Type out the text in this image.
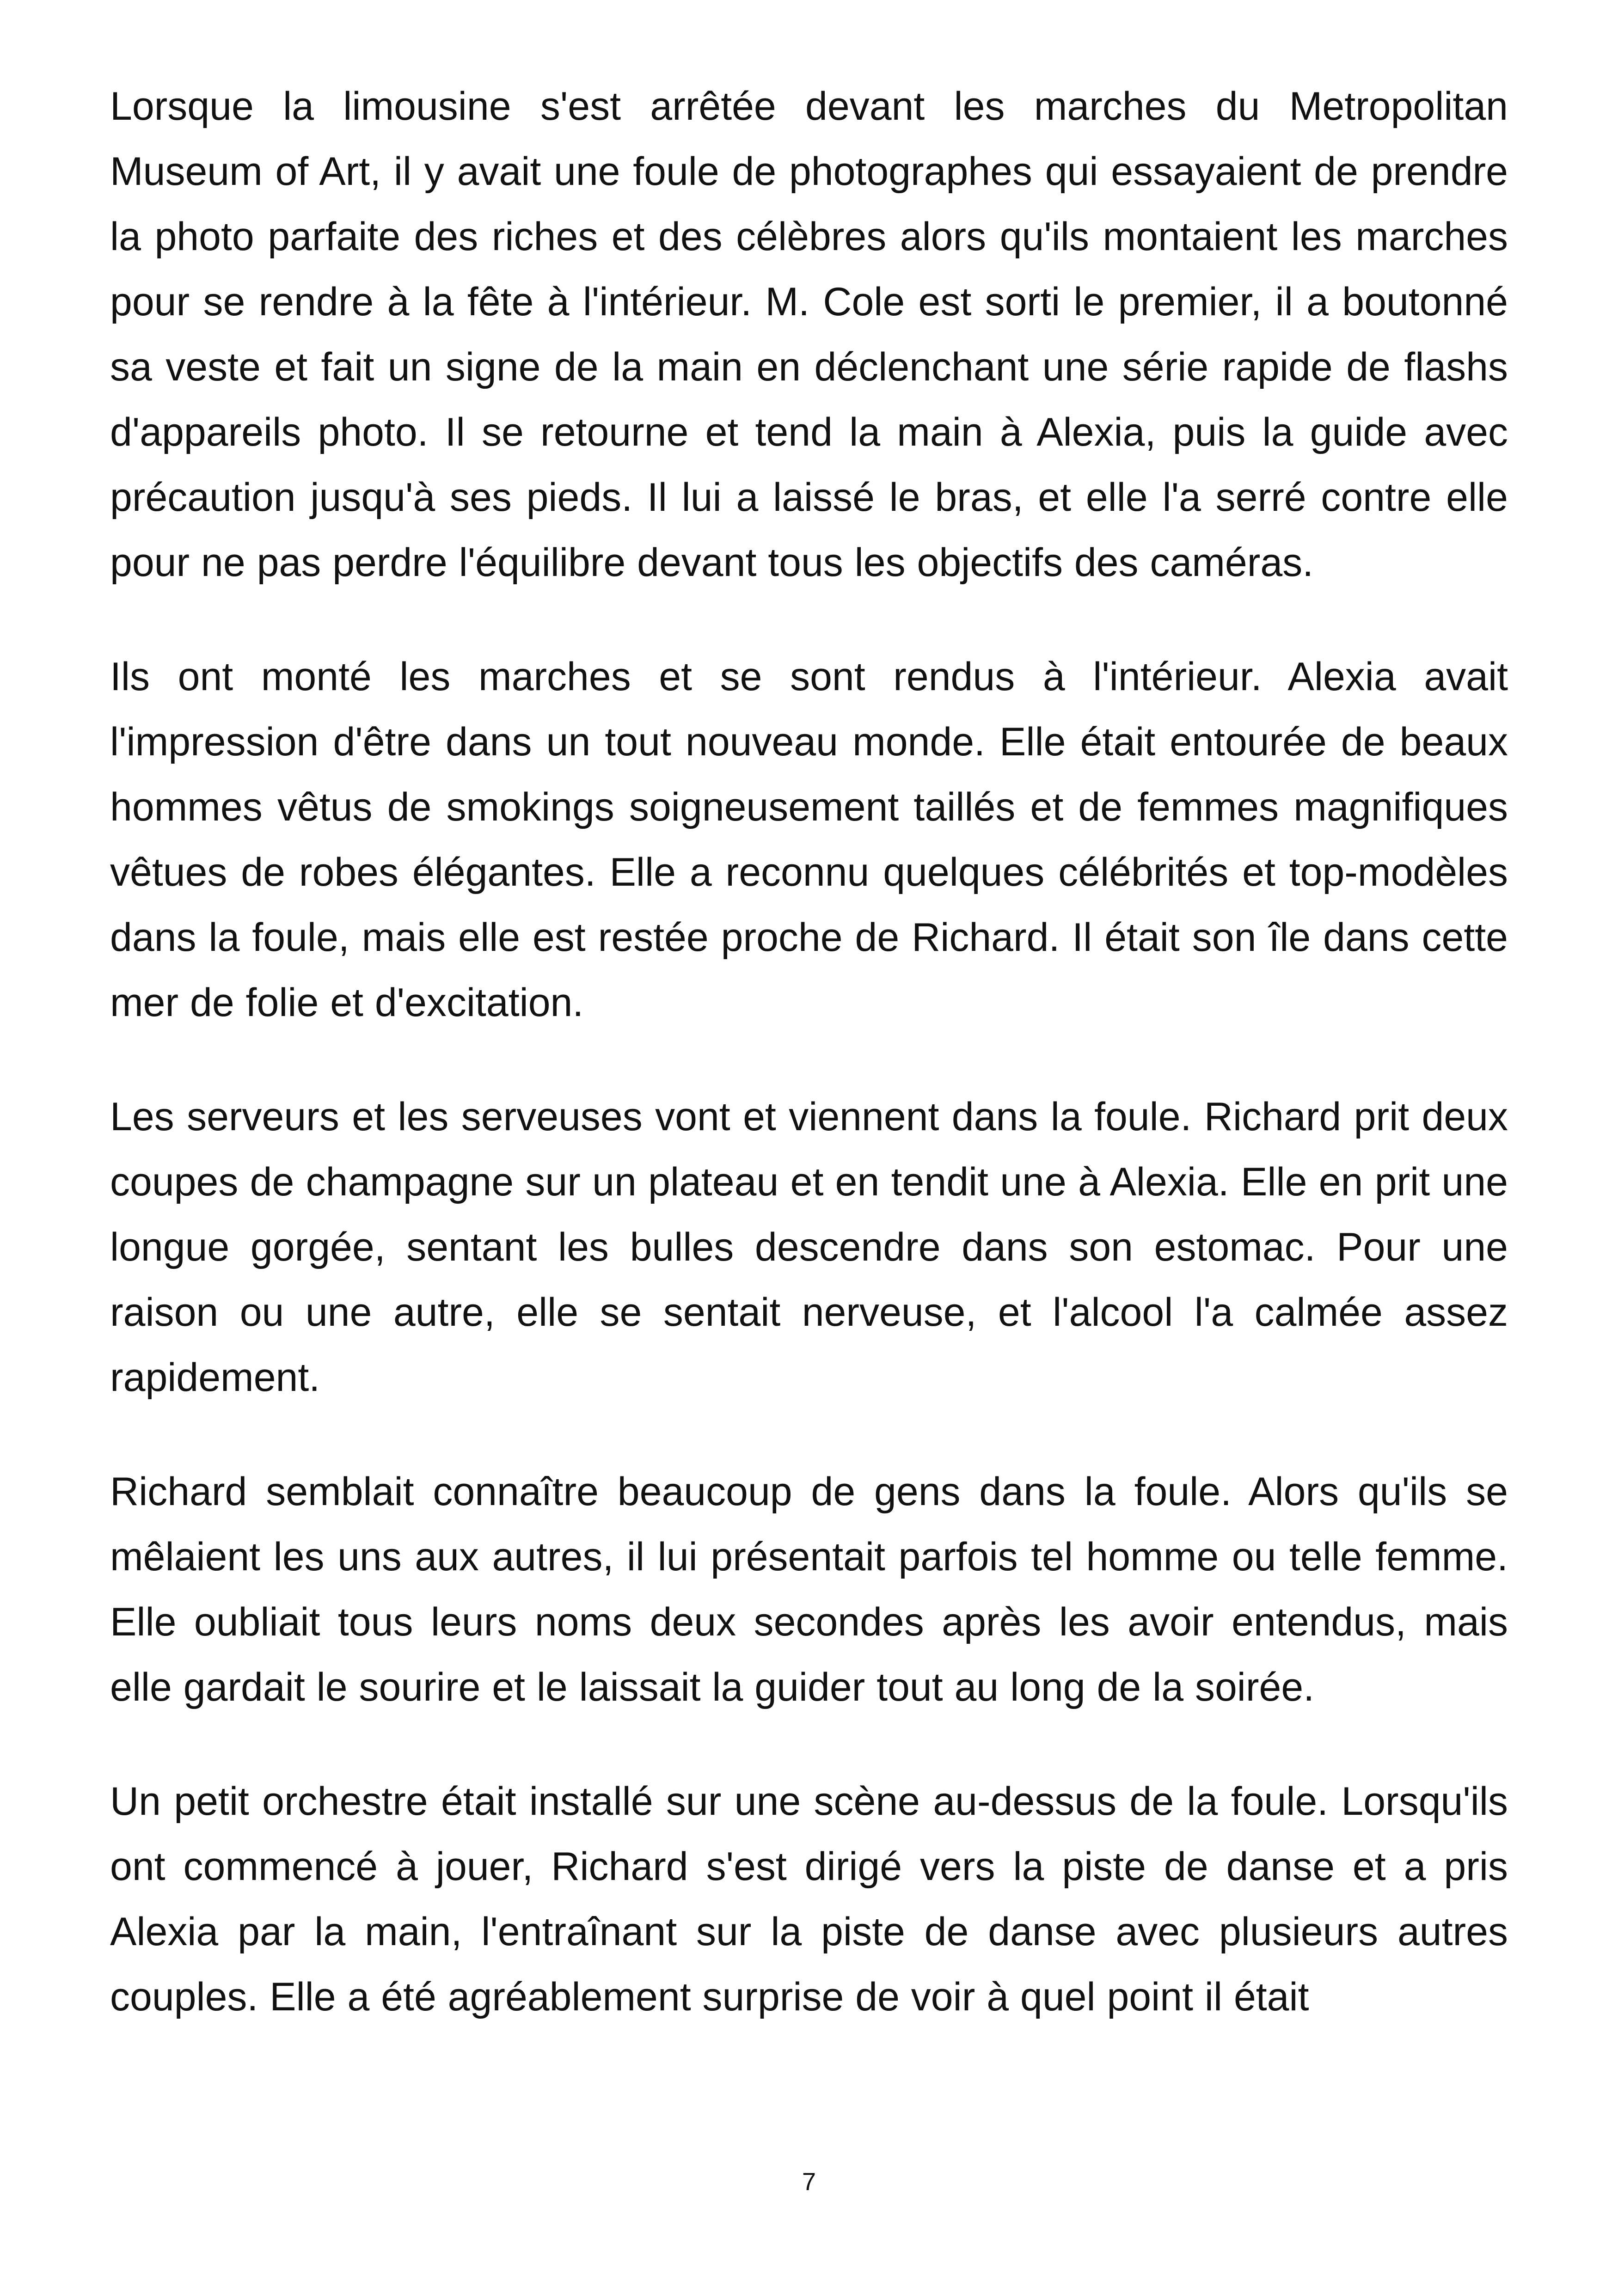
Lorsque la limousine s'est arrêtée devant les marches du Metropolitan Museum of Art, il y avait une foule de photographes qui essayaient de prendre la photo parfaite des riches et des célèbres alors qu'ils montaient les marches pour se rendre à la fête à l'intérieur. M. Cole est sorti le premier, il a boutonné sa veste et fait un signe de la main en déclenchant une série rapide de flashs d'appareils photo. Il se retourne et tend la main à Alexia, puis la guide avec précaution jusqu'à ses pieds. Il lui a laissé le bras, et elle l'a serré contre elle pour ne pas perdre l'équilibre devant tous les objectifs des caméras.

Ils ont monté les marches et se sont rendus à l'intérieur. Alexia avait l'impression d'être dans un tout nouveau monde. Elle était entourée de beaux hommes vêtus de smokings soigneusement taillés et de femmes magnifiques vêtues de robes élégantes. Elle a reconnu quelques célébrités et top-modèles dans la foule, mais elle est restée proche de Richard. Il était son île dans cette mer de folie et d'excitation.

Les serveurs et les serveuses vont et viennent dans la foule. Richard prit deux coupes de champagne sur un plateau et en tendit une à Alexia. Elle en prit une longue gorgée, sentant les bulles descendre dans son estomac. Pour une raison ou une autre, elle se sentait nerveuse, et l'alcool l'a calmée assez rapidement.

Richard semblait connaître beaucoup de gens dans la foule. Alors qu'ils se mêlaient les uns aux autres, il lui présentait parfois tel homme ou telle femme. Elle oubliait tous leurs noms deux secondes après les avoir entendus, mais elle gardait le sourire et le laissait la guider tout au long de la soirée.

Un petit orchestre était installé sur une scène au-dessus de la foule. Lorsqu'ils ont commencé à jouer, Richard s'est dirigé vers la piste de danse et a pris Alexia par la main, l'entraînant sur la piste de danse avec plusieurs autres couples. Elle a été agréablement surprise de voir à quel point il était

7
